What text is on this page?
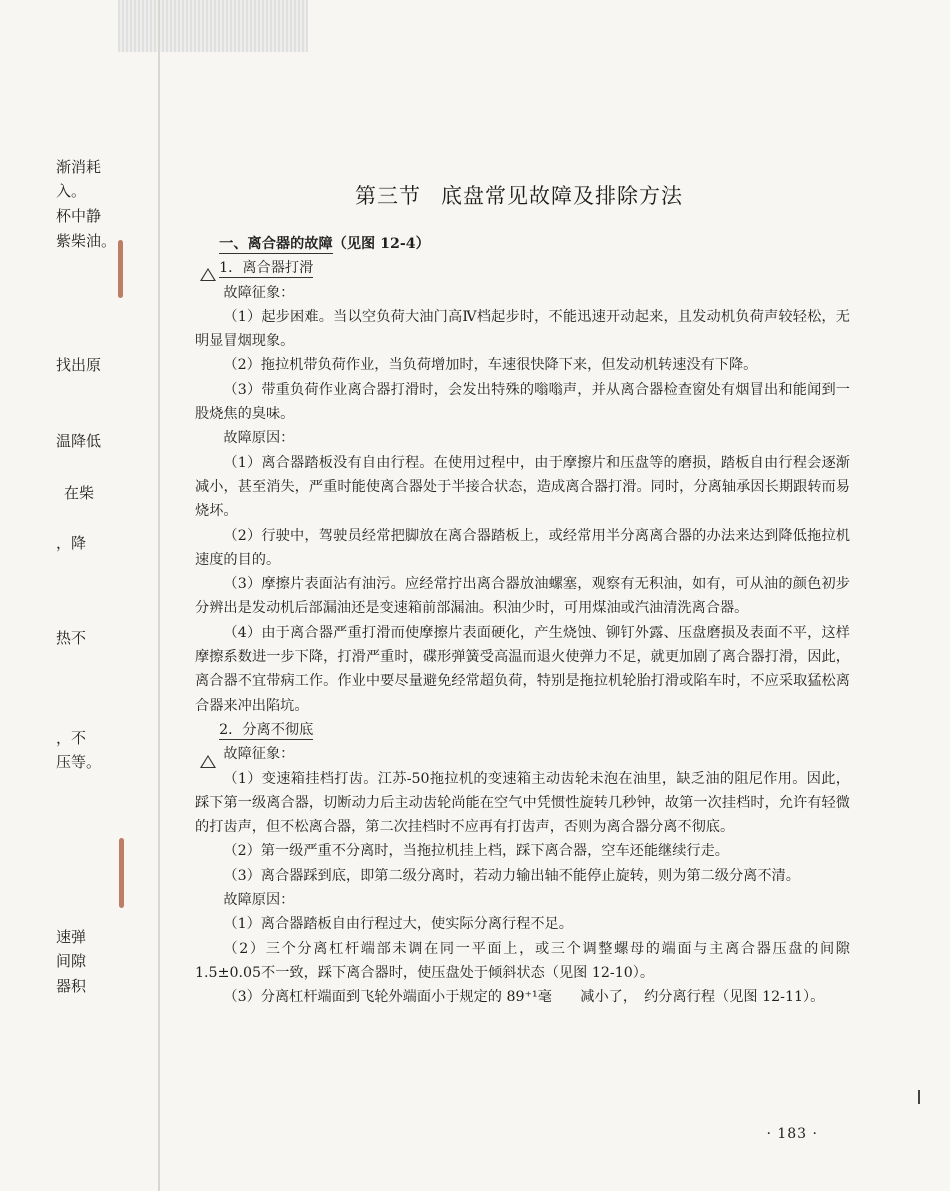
渐消耗
入。
杯中静
紫柴油。
找出原
温降低
在柴
，降
热不
，不
压等。
速弹
间隙
器积
第三节 底盘常见故障及排除方法

一、离合器的故障（见图 12-4）

1．离合器打滑

故障征象：

（1）起步困难。当以空负荷大油门高Ⅳ档起步时，不能迅速开动起来，且发动机负荷声较轻松，无明显冒烟现象。

（2）拖拉机带负荷作业，当负荷增加时，车速很快降下来，但发动机转速没有下降。

（3）带重负荷作业离合器打滑时，会发出特殊的嗡嗡声，并从离合器检查窗处有烟冒出和能闻到一股烧焦的臭味。

故障原因：

（1）离合器踏板没有自由行程。在使用过程中，由于摩擦片和压盘等的磨损，踏板自由行程会逐渐减小，甚至消失，严重时能使离合器处于半接合状态，造成离合器打滑。同时，分离轴承因长期跟转而易烧坏。

（2）行驶中，驾驶员经常把脚放在离合器踏板上，或经常用半分离离合器的办法来达到降低拖拉机速度的目的。

（3）摩擦片表面沾有油污。应经常拧出离合器放油螺塞，观察有无积油，如有，可从油的颜色初步分辨出是发动机后部漏油还是变速箱前部漏油。积油少时，可用煤油或汽油清洗离合器。

（4）由于离合器严重打滑而使摩擦片表面硬化，产生烧蚀、铆钉外露、压盘磨损及表面不平，这样摩擦系数进一步下降，打滑严重时，碟形弹簧受高温而退火使弹力不足，就更加剧了离合器打滑，因此，离合器不宜带病工作。作业中要尽量避免经常超负荷，特别是拖拉机轮胎打滑或陷车时，不应采取猛松离合器来冲出陷坑。

2．分离不彻底

故障征象：

（1）变速箱挂档打齿。江苏-50拖拉机的变速箱主动齿轮未泡在油里，缺乏油的阻尼作用。因此，踩下第一级离合器，切断动力后主动齿轮尚能在空气中凭惯性旋转几秒钟，故第一次挂档时，允许有轻微的打齿声，但不松离合器，第二次挂档时不应再有打齿声，否则为离合器分离不彻底。

（2）第一级严重不分离时，当拖拉机挂上档，踩下离合器，空车还能继续行走。

（3）离合器踩到底，即第二级分离时，若动力输出轴不能停止旋转，则为第二级分离不清。

故障原因：

（1）离合器踏板自由行程过大，使实际分离行程不足。

（2）三个分离杠杆端部未调在同一平面上，或三个调整螺母的端面与主离合器压盘的间隙 1.5±0.05不一致，踩下离合器时，使压盘处于倾斜状态（见图 12-10）。

（3）分离杠杆端面到飞轮外端面小于规定的 89⁺¹毫　　减小了，　约分离行程（见图 12-11）。

· 183 ·
